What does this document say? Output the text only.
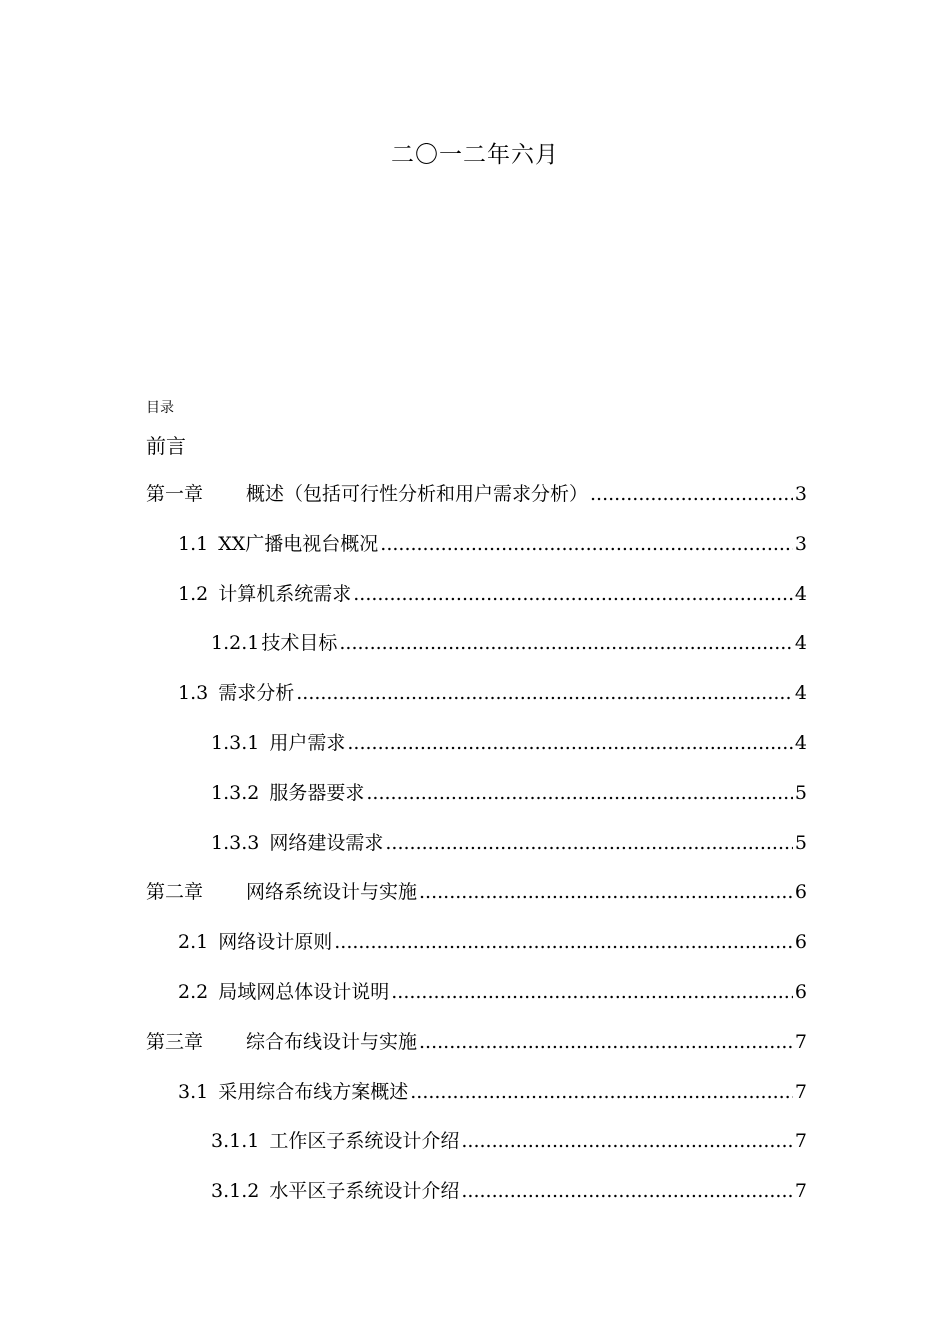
二〇一二年六月
目录
前言
第一章	概述（包括可行性分析和用户需求分析） .....	3
1.1 XX广播电视台概况 .....	3
1.2 计算机系统需求 .....	4
1.2.1 技术目标 .....	4
1.3 需求分析 .....	4
1.3.1 用户需求 .....	4
1.3.2 服务器要求 .....	5
1.3.3 网络建设需求 .....	5
第二章	网络系统设计与实施 .....	6
2.1 网络设计原则 .....	6
2.2 局域网总体设计说明 .....	6
第三章	综合布线设计与实施 .....	7
3.1 采用综合布线方案概述 .....	7
3.1.1 工作区子系统设计介绍 .....	7
3.1.2 水平区子系统设计介绍 .....	7
